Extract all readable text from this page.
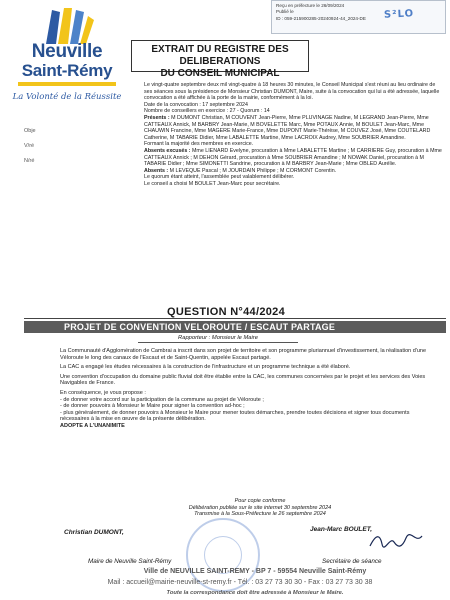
Neuville
Saint-Rémy
La Volonté de la Réussite
Reçu en préfecture le 26/09/2024
Publié le
ID : 059-215900285-20240924-44_2024-DE	S²LO
EXTRAIT DU REGISTRE DES DELIBERATIONS
DU CONSEIL MUNICIPAL
Obje
V/ré
N/ré

Le vingt-quatre septembre deux mil vingt-quatre à 18 heures 30 minutes, le Conseil Municipal s'est réuni au lieu ordinaire de ses séances sous la présidence de Monsieur Christian DUMONT, Maire, suite à la convocation qui lui a été adressée, laquelle convocation a été affichée à la porte de la mairie, conformément à la loi.

Date de la convocation : 17 septembre 2024

Nombre de conseillers en exercice : 27 - Quorum : 14

Présents : M DUMONT Christian, M COUVENT Jean-Pierre, Mme PLUVINAGE Nadine, M LEGRAND Jean-Pierre, Mme CATTEAUX Annick, M BARBRY Jean-Marie, M BOVELETTE Marc, Mme POTAUX Annie, M BOULET Jean-Marc, Mme CHAUWIN Francine, Mme MAGERE Marie-France, Mme DUPONT Marie-Thérèse, M COUVEZ José, Mme COUTELARD Catherine, M TABARIE Didier, Mme LABALETTE Martine, Mme LACROIX Audrey, Mme SOUBRIER Amandine.

Formant la majorité des membres en exercice.

Absents excusés : Mme LIENARD Evelyne, procuration à Mme LABALETTE Martine ; M CARRIERE Guy, procuration à Mme CATTEAUX Annick ; M DEHON Gérard, procuration à Mme SOUBRIER Amandine ; M NOWAK Daniel, procuration à M TABARIE Didier ; Mme SIMONETTI Sandrine, procuration à M BARBRY Jean-Marie ; Mme OBLED Aurélie.

Absents : M LEVEQUE Pascal ; M JOURDAIN Philippe ; M CORMONT Corentin.

Le quorum étant atteint, l'assemblée peut valablement délibérer.

Le conseil a choisi M BOULET Jean-Marc pour secrétaire.

QUESTION N°44/2024
PROJET DE CONVENTION VELOROUTE / ESCAUT PARTAGE
Rapporteur : Monsieur le Maire

La Communauté d'Agglomération de Cambrai a inscrit dans son projet de territoire et son programme pluriannuel d'investissement, la réalisation d'une Véloroute le long des canaux de l'Escaut et de Saint-Quentin, appelée Escaut partagé.

La CAC a engagé les études nécessaires à la construction de l'infrastructure et un programme technique a été élaboré.

Une convention d'occupation du domaine public fluvial doit être établie entre la CAC, les communes concernées par le projet et les services des Voies Navigables de France.

En conséquence, je vous propose :

- de donner votre accord sur la participation de la commune au projet de Véloroute ;

- de donner pouvoirs à Monsieur le Maire pour signer la convention ad-hoc ;

- plus généralement, de donner pouvoirs à Monsieur le Maire pour mener toutes démarches, prendre toutes décisions et signer tous documents nécessaires à la mise en œuvre de la présente délibération.

ADOPTE A L'UNANIMITE

Pour copie conforme
Délibération publiée sur le site internet 30 septembre 2024
Transmise à la Sous-Préfecture le 26 septembre 2024
Christian DUMONT,	Jean-Marc BOULET,
Maire de Neuville Saint-Rémy	Secrétaire de séance
Ville de NEUVILLE SAINT-REMY - BP 7 - 59554 Neuville Saint-Rémy
Mail : accueil@mairie-neuville-st-remy.fr - Tél. : 03 27 73 30 30 - Fax : 03 27 73 30 38
Toute la correspondance doit être adressée à Monsieur le Maire.
